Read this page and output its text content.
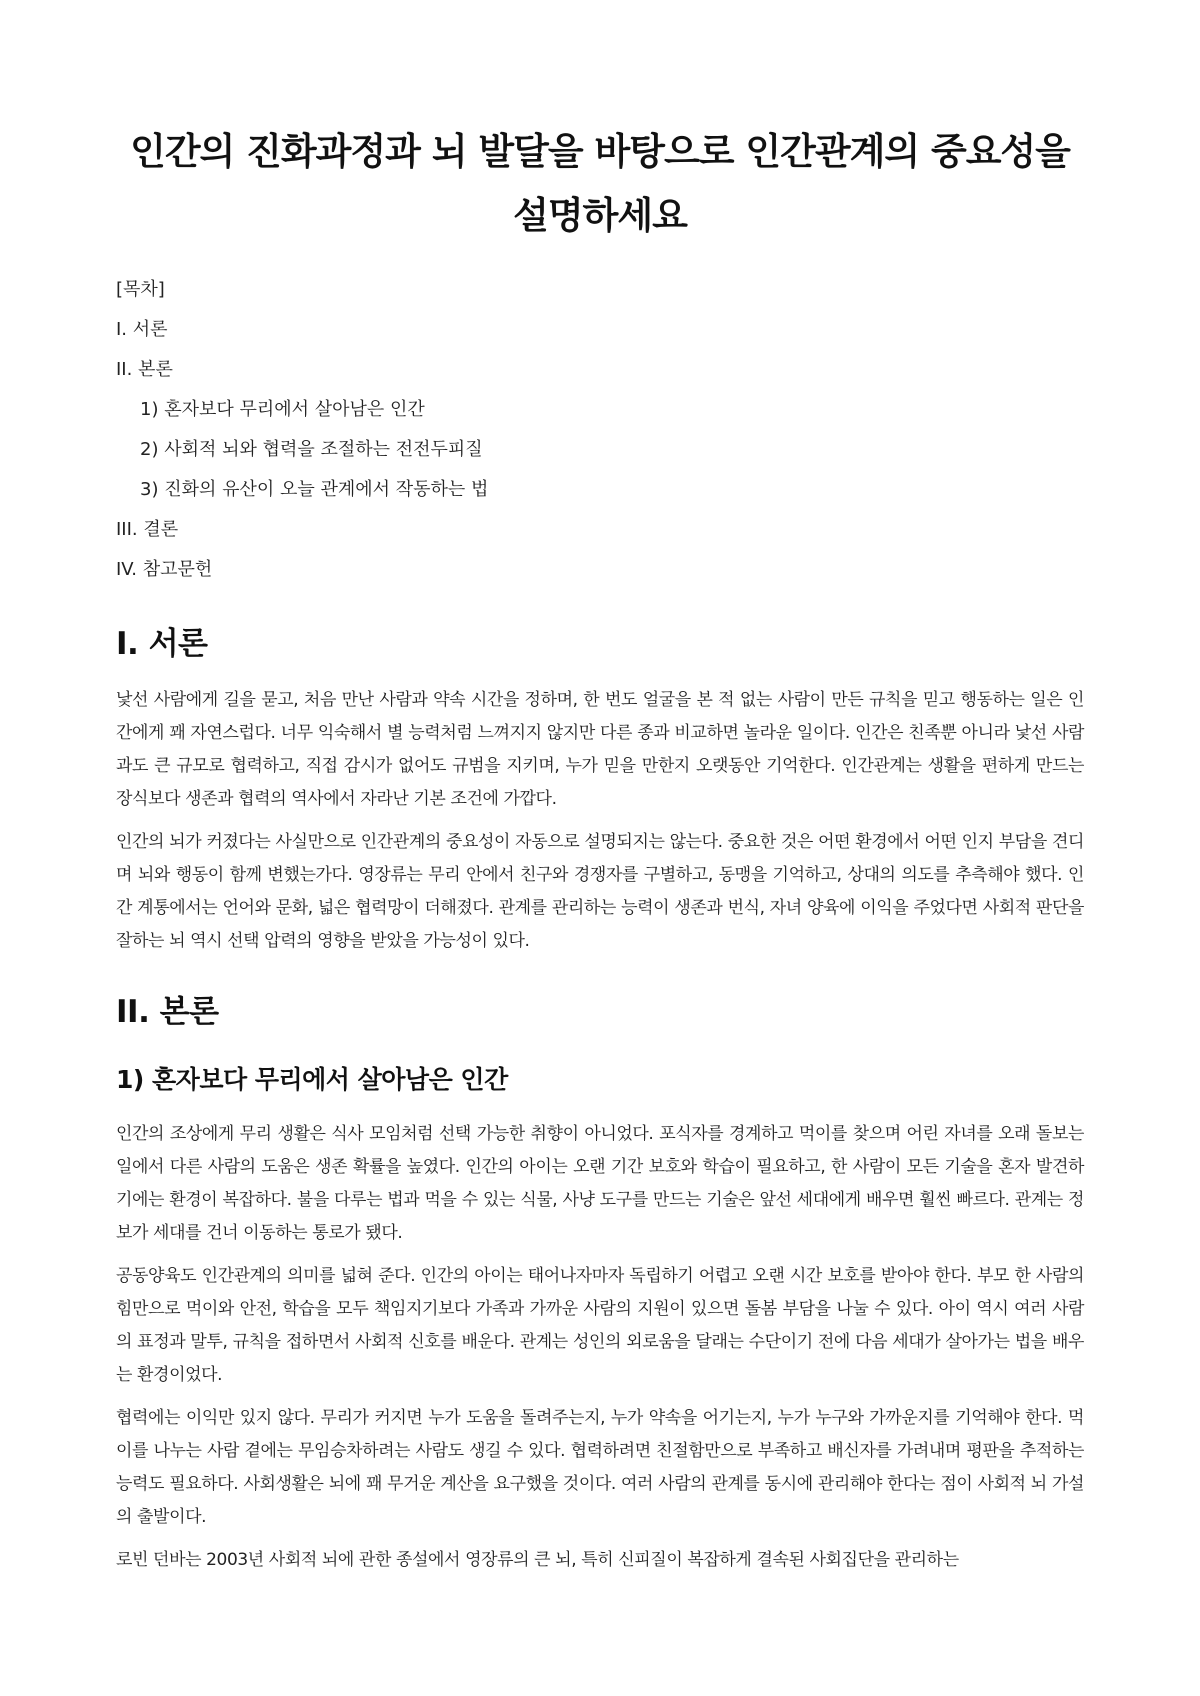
인간의 진화과정과 뇌 발달을 바탕으로 인간관계의 중요성을 설명하세요
[목차]
I. 서론
II. 본론
1) 혼자보다 무리에서 살아남은 인간
2) 사회적 뇌와 협력을 조절하는 전전두피질
3) 진화의 유산이 오늘 관계에서 작동하는 법
III. 결론
IV. 참고문헌
I. 서론

낯선 사람에게 길을 묻고, 처음 만난 사람과 약속 시간을 정하며, 한 번도 얼굴을 본 적 없는 사람이 만든 규칙을 믿고 행동하는 일은 인간에게 꽤 자연스럽다. 너무 익숙해서 별 능력처럼 느껴지지 않지만 다른 종과 비교하면 놀라운 일이다. 인간은 친족뿐 아니라 낯선 사람과도 큰 규모로 협력하고, 직접 감시가 없어도 규범을 지키며, 누가 믿을 만한지 오랫동안 기억한다. 인간관계는 생활을 편하게 만드는 장식보다 생존과 협력의 역사에서 자라난 기본 조건에 가깝다.

인간의 뇌가 커졌다는 사실만으로 인간관계의 중요성이 자동으로 설명되지는 않는다. 중요한 것은 어떤 환경에서 어떤 인지 부담을 견디며 뇌와 행동이 함께 변했는가다. 영장류는 무리 안에서 친구와 경쟁자를 구별하고, 동맹을 기억하고, 상대의 의도를 추측해야 했다. 인간 계통에서는 언어와 문화, 넓은 협력망이 더해졌다. 관계를 관리하는 능력이 생존과 번식, 자녀 양육에 이익을 주었다면 사회적 판단을 잘하는 뇌 역시 선택 압력의 영향을 받았을 가능성이 있다.

II. 본론
1) 혼자보다 무리에서 살아남은 인간

인간의 조상에게 무리 생활은 식사 모임처럼 선택 가능한 취향이 아니었다. 포식자를 경계하고 먹이를 찾으며 어린 자녀를 오래 돌보는 일에서 다른 사람의 도움은 생존 확률을 높였다. 인간의 아이는 오랜 기간 보호와 학습이 필요하고, 한 사람이 모든 기술을 혼자 발견하기에는 환경이 복잡하다. 불을 다루는 법과 먹을 수 있는 식물, 사냥 도구를 만드는 기술은 앞선 세대에게 배우면 훨씬 빠르다. 관계는 정보가 세대를 건너 이동하는 통로가 됐다.

공동양육도 인간관계의 의미를 넓혀 준다. 인간의 아이는 태어나자마자 독립하기 어렵고 오랜 시간 보호를 받아야 한다. 부모 한 사람의 힘만으로 먹이와 안전, 학습을 모두 책임지기보다 가족과 가까운 사람의 지원이 있으면 돌봄 부담을 나눌 수 있다. 아이 역시 여러 사람의 표정과 말투, 규칙을 접하면서 사회적 신호를 배운다. 관계는 성인의 외로움을 달래는 수단이기 전에 다음 세대가 살아가는 법을 배우는 환경이었다.

협력에는 이익만 있지 않다. 무리가 커지면 누가 도움을 돌려주는지, 누가 약속을 어기는지, 누가 누구와 가까운지를 기억해야 한다. 먹이를 나누는 사람 곁에는 무임승차하려는 사람도 생길 수 있다. 협력하려면 친절함만으로 부족하고 배신자를 가려내며 평판을 추적하는 능력도 필요하다. 사회생활은 뇌에 꽤 무거운 계산을 요구했을 것이다. 여러 사람의 관계를 동시에 관리해야 한다는 점이 사회적 뇌 가설의 출발이다.

로빈 던바는 2003년 사회적 뇌에 관한 종설에서 영장류의 큰 뇌, 특히 신피질이 복잡하게 결속된 사회집단을 관리하는
